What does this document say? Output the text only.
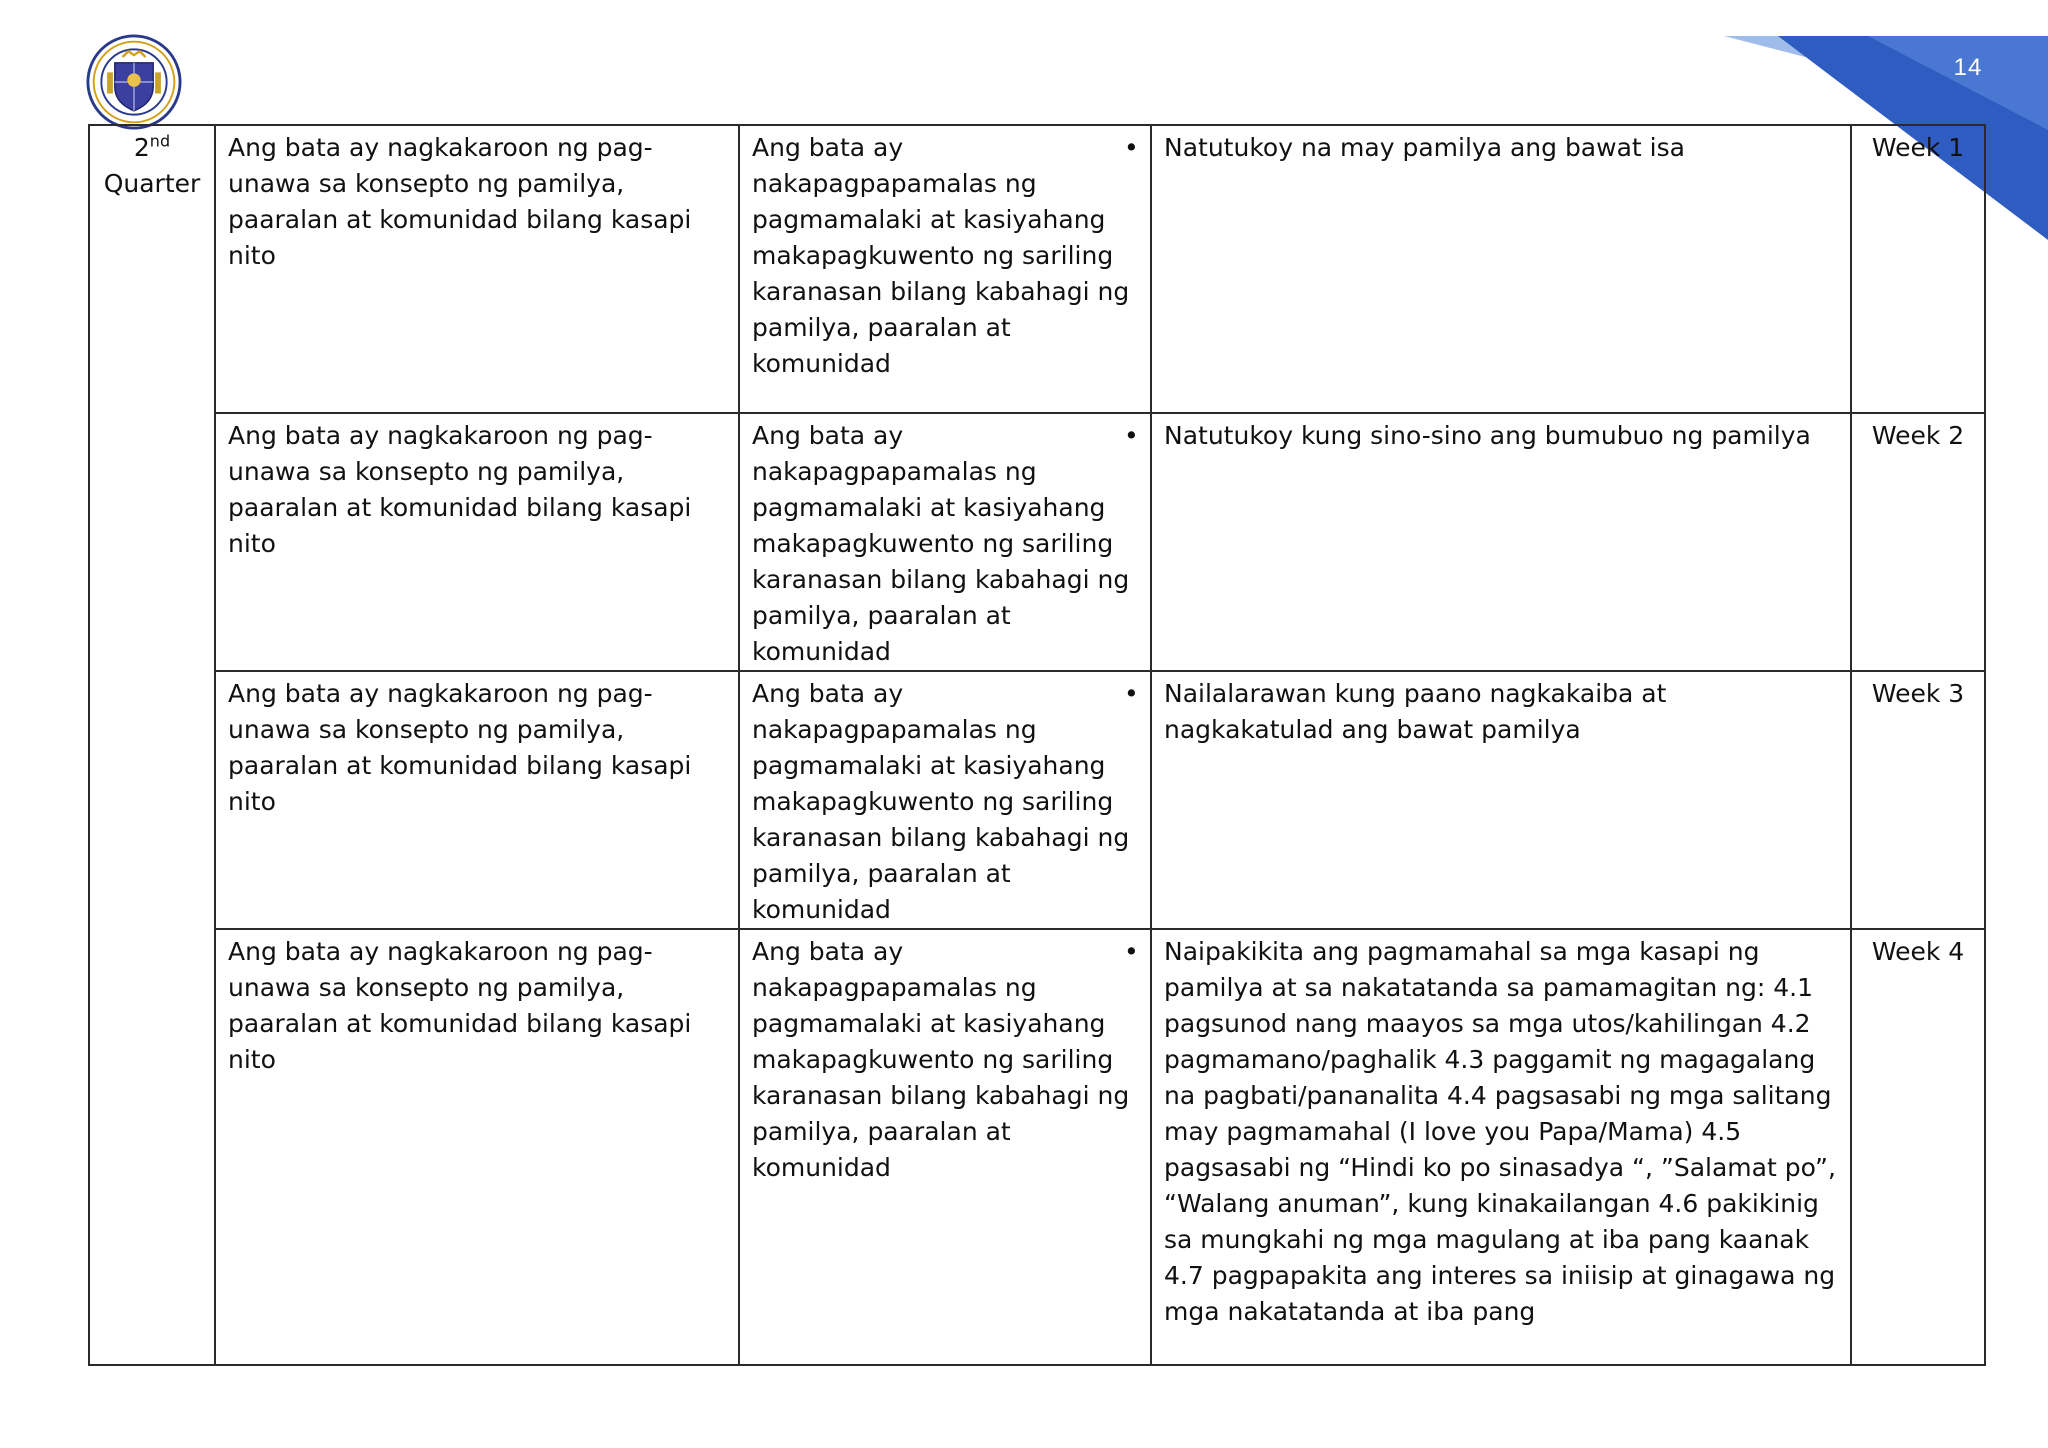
14
2nd
Quarter	Ang bata ay nagkakaroon ng pag-unawa sa konsepto ng pamilya, paaralan at komunidad bilang kasapi nito	Ang bata ay nakapagpapamalas ng
pagmamalaki at kasiyahang makapagkuwento ng sariling karanasan bilang kabahagi ng pamilya, paaralan at komunidad	• Natutukoy na may pamilya ang bawat isa	Week 1
	Ang bata ay nagkakaroon ng pag-unawa sa konsepto ng pamilya, paaralan at komunidad bilang kasapi nito	Ang bata ay nakapagpapamalas ng
pagmamalaki at kasiyahang makapagkuwento ng sariling karanasan bilang kabahagi ng pamilya, paaralan at komunidad	• Natutukoy kung sino-sino ang bumubuo ng pamilya	Week 2
	Ang bata ay nagkakaroon ng pag-unawa sa konsepto ng pamilya, paaralan at komunidad bilang kasapi nito	Ang bata ay nakapagpapamalas ng
pagmamalaki at kasiyahang makapagkuwento ng sariling karanasan bilang kabahagi ng pamilya, paaralan at komunidad	• Nailalarawan kung paano nagkakaiba at nagkakatulad ang bawat pamilya	Week 3
	Ang bata ay nagkakaroon ng pag-unawa sa konsepto ng pamilya, paaralan at komunidad bilang kasapi nito	Ang bata ay nakapagpapamalas ng
pagmamalaki at kasiyahang makapagkuwento ng sariling karanasan bilang kabahagi ng pamilya, paaralan at komunidad	• Naipakikita ang pagmamahal sa mga kasapi ng pamilya at sa nakatatanda sa pamamagitan ng: 4.1 pagsunod nang maayos sa mga utos/kahilingan 4.2 pagmamano/paghalik 4.3 paggamit ng magagalang na pagbati/pananalita 4.4 pagsasabi ng mga salitang may pagmamahal (I love you Papa/Mama) 4.5 pagsasabi ng “Hindi ko po sinasadya “, ”Salamat po”, “Walang anuman”, kung kinakailangan 4.6 pakikinig sa mungkahi ng mga magulang at iba pang kaanak 4.7 pagpapakita ang interes sa iniisip at ginagawa ng mga nakatatanda at iba pang	Week 4
